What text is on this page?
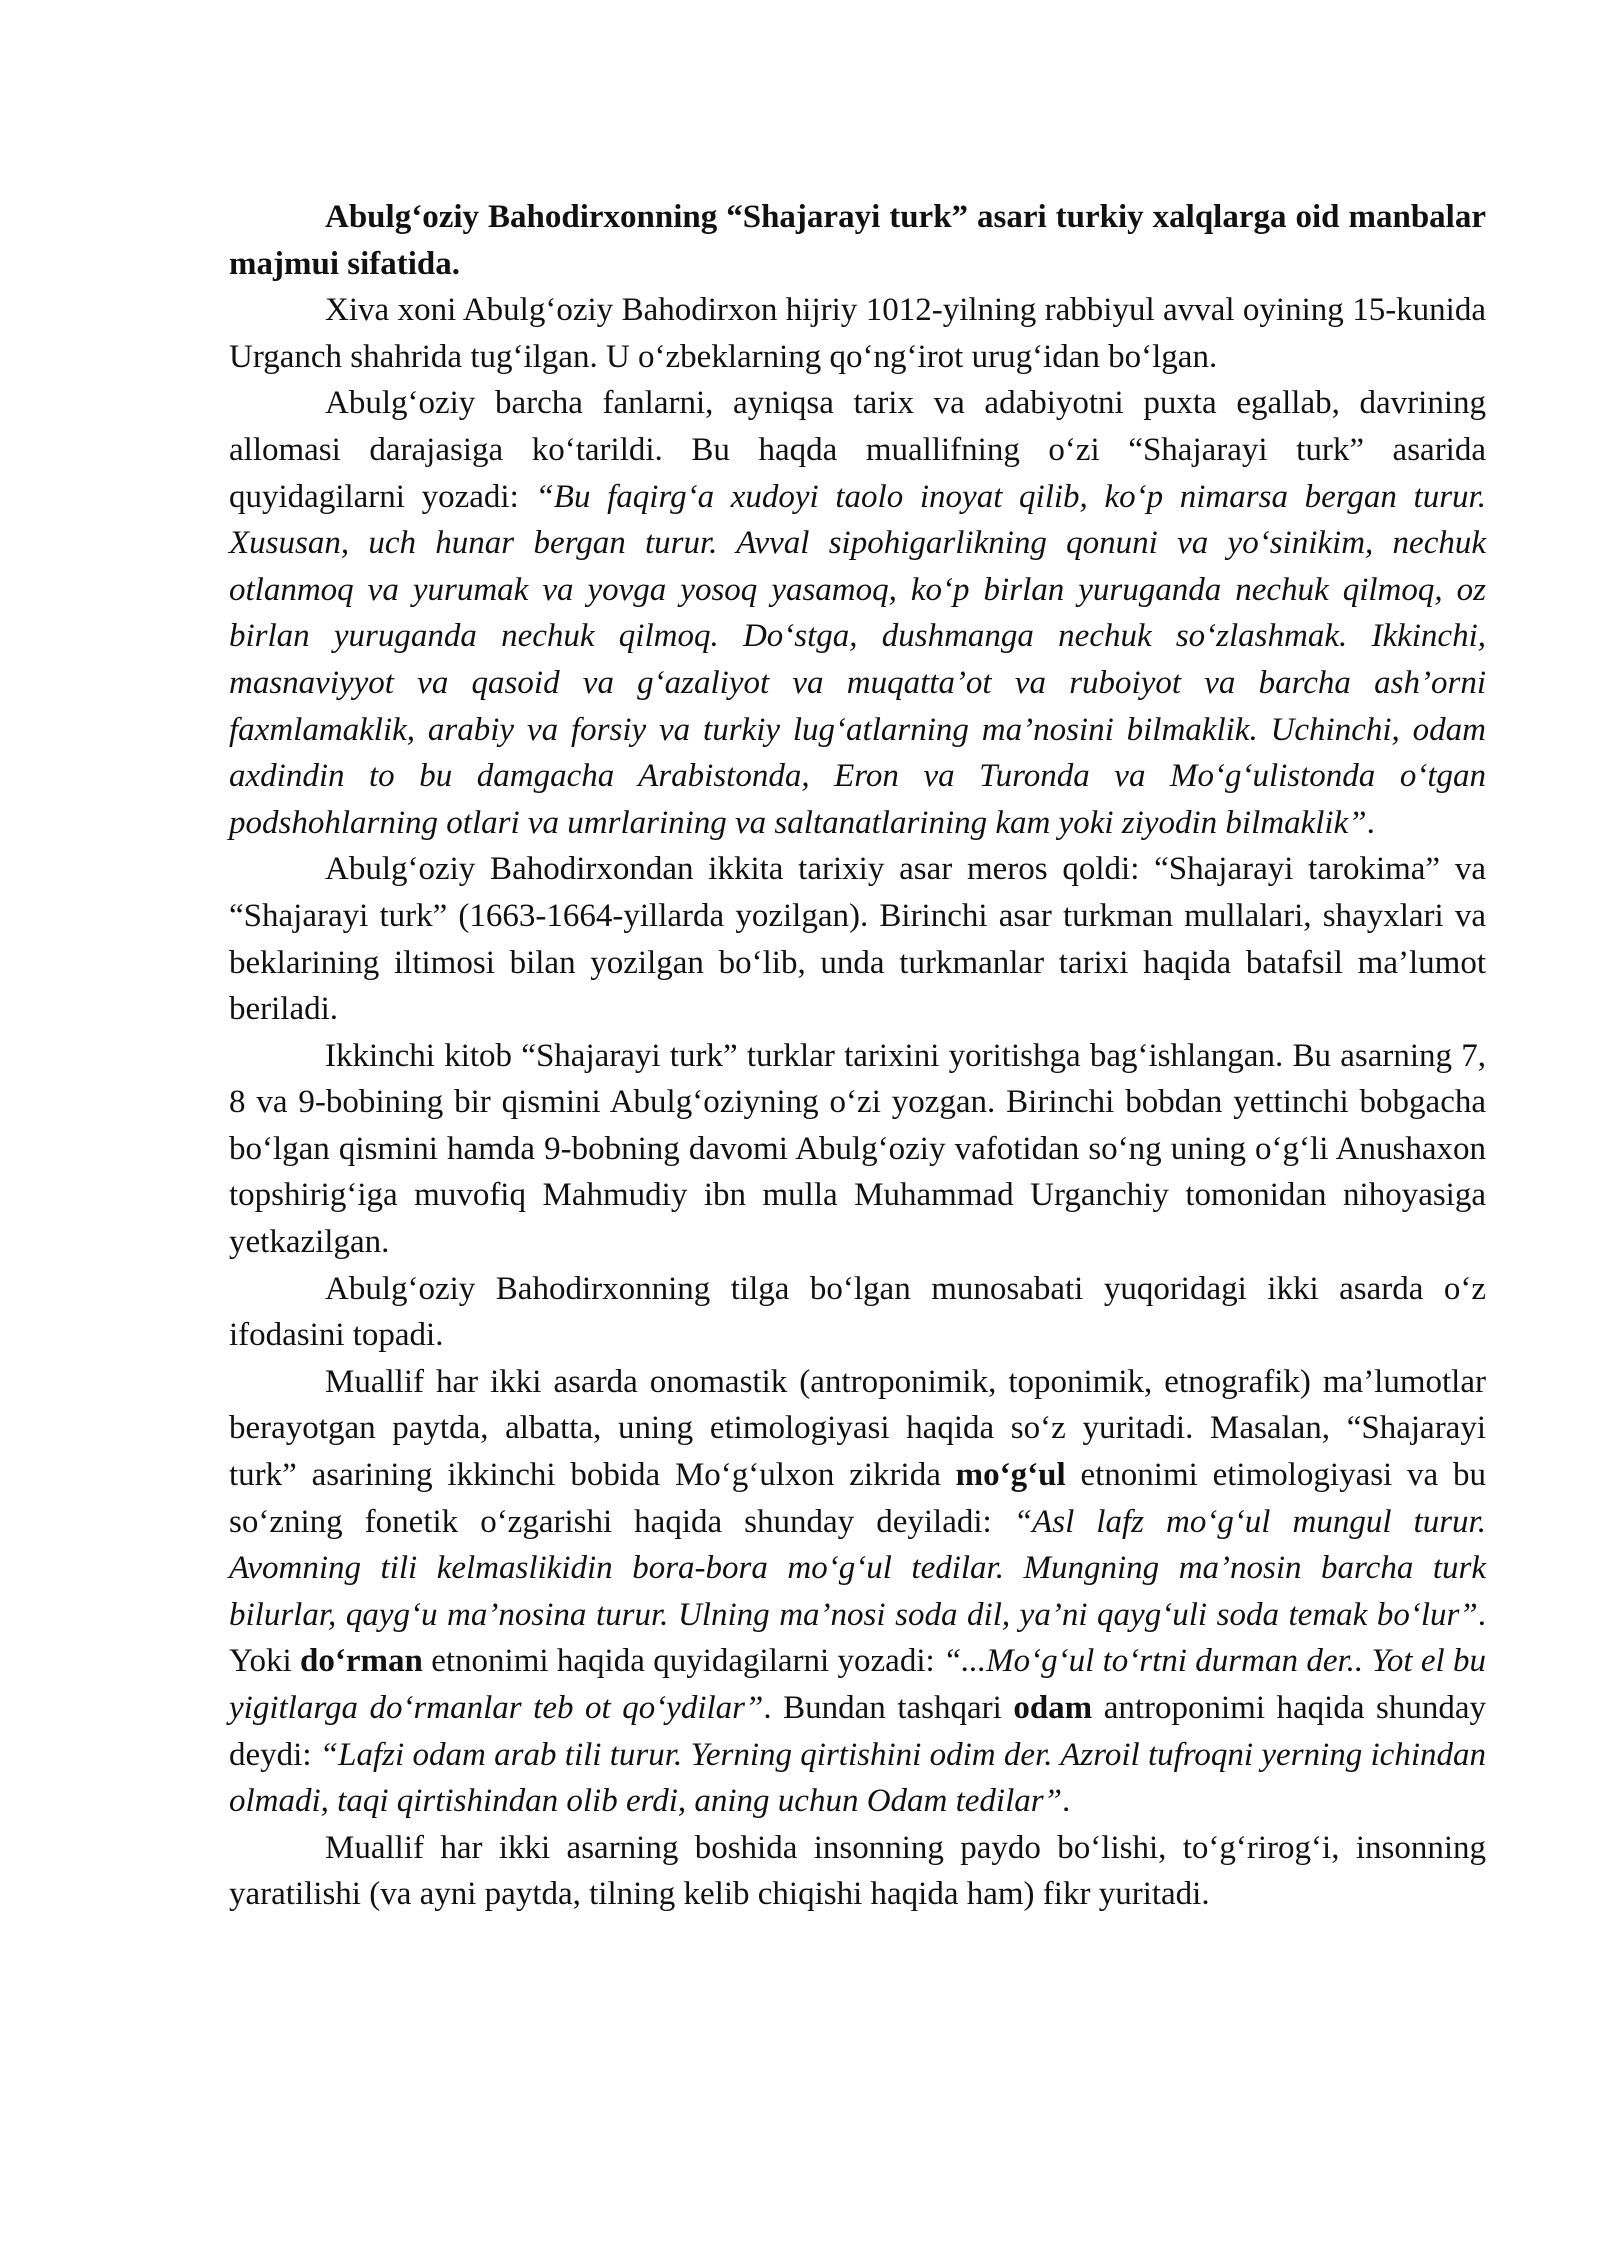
Abulg‘oziy Bahodirxonning “Shajarayi turk” asari turkiy xalqlarga oid manbalar majmui sifatida.

Xiva xoni Abulg‘oziy Bahodirxon hijriy 1012-yilning rabbiyul avval oyining 15-kunida Urganch shahrida tug‘ilgan. U o‘zbeklarning qo‘ng‘irot urug‘idan bo‘lgan.

Abulg‘oziy barcha fanlarni, ayniqsa tarix va adabiyotni puxta egallab, davrining allomasi darajasiga ko‘tarildi. Bu haqda muallifning o‘zi “Shajarayi turk” asarida quyidagilarni yozadi: “Bu faqirg‘a xudoyi taolo inoyat qilib, ko‘p nimarsa bergan turur. Xususan, uch hunar bergan turur. Avval sipohigarlikning qonuni va yo‘sinikim, nechuk otlanmoq va yurumak va yovga yosoq yasamoq, ko‘p birlan yuruganda nechuk qilmoq, oz birlan yuruganda nechuk qilmoq. Do‘stga, dushmanga nechuk so‘zlashmak. Ikkinchi, masnaviyyot va qasoid va g‘azaliyot va muqatta’ot va ruboiyot va barcha ash’orni faxmlamaklik, arabiy va forsiy va turkiy lug‘atlarning ma’nosini bilmaklik. Uchinchi, odam axdindin to bu damgacha Arabistonda, Eron va Turonda va Mo‘g‘ulistonda o‘tgan podshohlarning otlari va umrlarining va saltanatlarining kam yoki ziyodin bilmaklik”.

Abulg‘oziy Bahodirxondan ikkita tarixiy asar meros qoldi: “Shajarayi tarokima” va “Shajarayi turk” (1663-1664-yillarda yozilgan). Birinchi asar turkman mullalari, shayxlari va beklarining iltimosi bilan yozilgan bo‘lib, unda turkmanlar tarixi haqida batafsil ma’lumot beriladi.

Ikkinchi kitob “Shajarayi turk” turklar tarixini yoritishga bag‘ishlangan. Bu asarning 7, 8 va 9-bobining bir qismini Abulg‘oziyning o‘zi yozgan. Birinchi bobdan yettinchi bobgacha bo‘lgan qismini hamda 9-bobning davomi Abulg‘oziy vafotidan so‘ng uning o‘g‘li Anushaxon topshirig‘iga muvofiq Mahmudiy ibn mulla Muhammad Urganchiy tomonidan nihoyasiga yetkazilgan.

Abulg‘oziy Bahodirxonning tilga bo‘lgan munosabati yuqoridagi ikki asarda o‘z ifodasini topadi.

Muallif har ikki asarda onomastik (antroponimik, toponimik, etnografik) ma’lumotlar berayotgan paytda, albatta, uning etimologiyasi haqida so‘z yuritadi. Masalan, “Shajarayi turk” asarining ikkinchi bobida Mo‘g‘ulxon zikrida mo‘g‘ul etnonimi etimologiyasi va bu so‘zning fonetik o‘zgarishi haqida shunday deyiladi: “Asl lafz mo‘g‘ul mungul turur. Avomning tili kelmaslikidin bora-bora mo‘g‘ul tedilar. Mungning ma’nosin barcha turk bilurlar, qayg‘u ma’nosina turur. Ulning ma’nosi soda dil, ya’ni qayg‘uli soda temak bo‘lur”. Yoki do‘rman etnonimi haqida quyidagilarni yozadi: “...Mo‘g‘ul to‘rtni durman der.. Yot el bu yigitlarga do‘rmanlar teb ot qo‘ydilar”. Bundan tashqari odam antroponimi haqida shunday deydi: “Lafzi odam arab tili turur. Yerning qirtishini odim der. Azroil tufroqni yerning ichindan olmadi, taqi qirtishindan olib erdi, aning uchun Odam tedilar”.

Muallif har ikki asarning boshida insonning paydo bo‘lishi, to‘g‘rirog‘i, insonning yaratilishi (va ayni paytda, tilning kelib chiqishi haqida ham) fikr yuritadi.
